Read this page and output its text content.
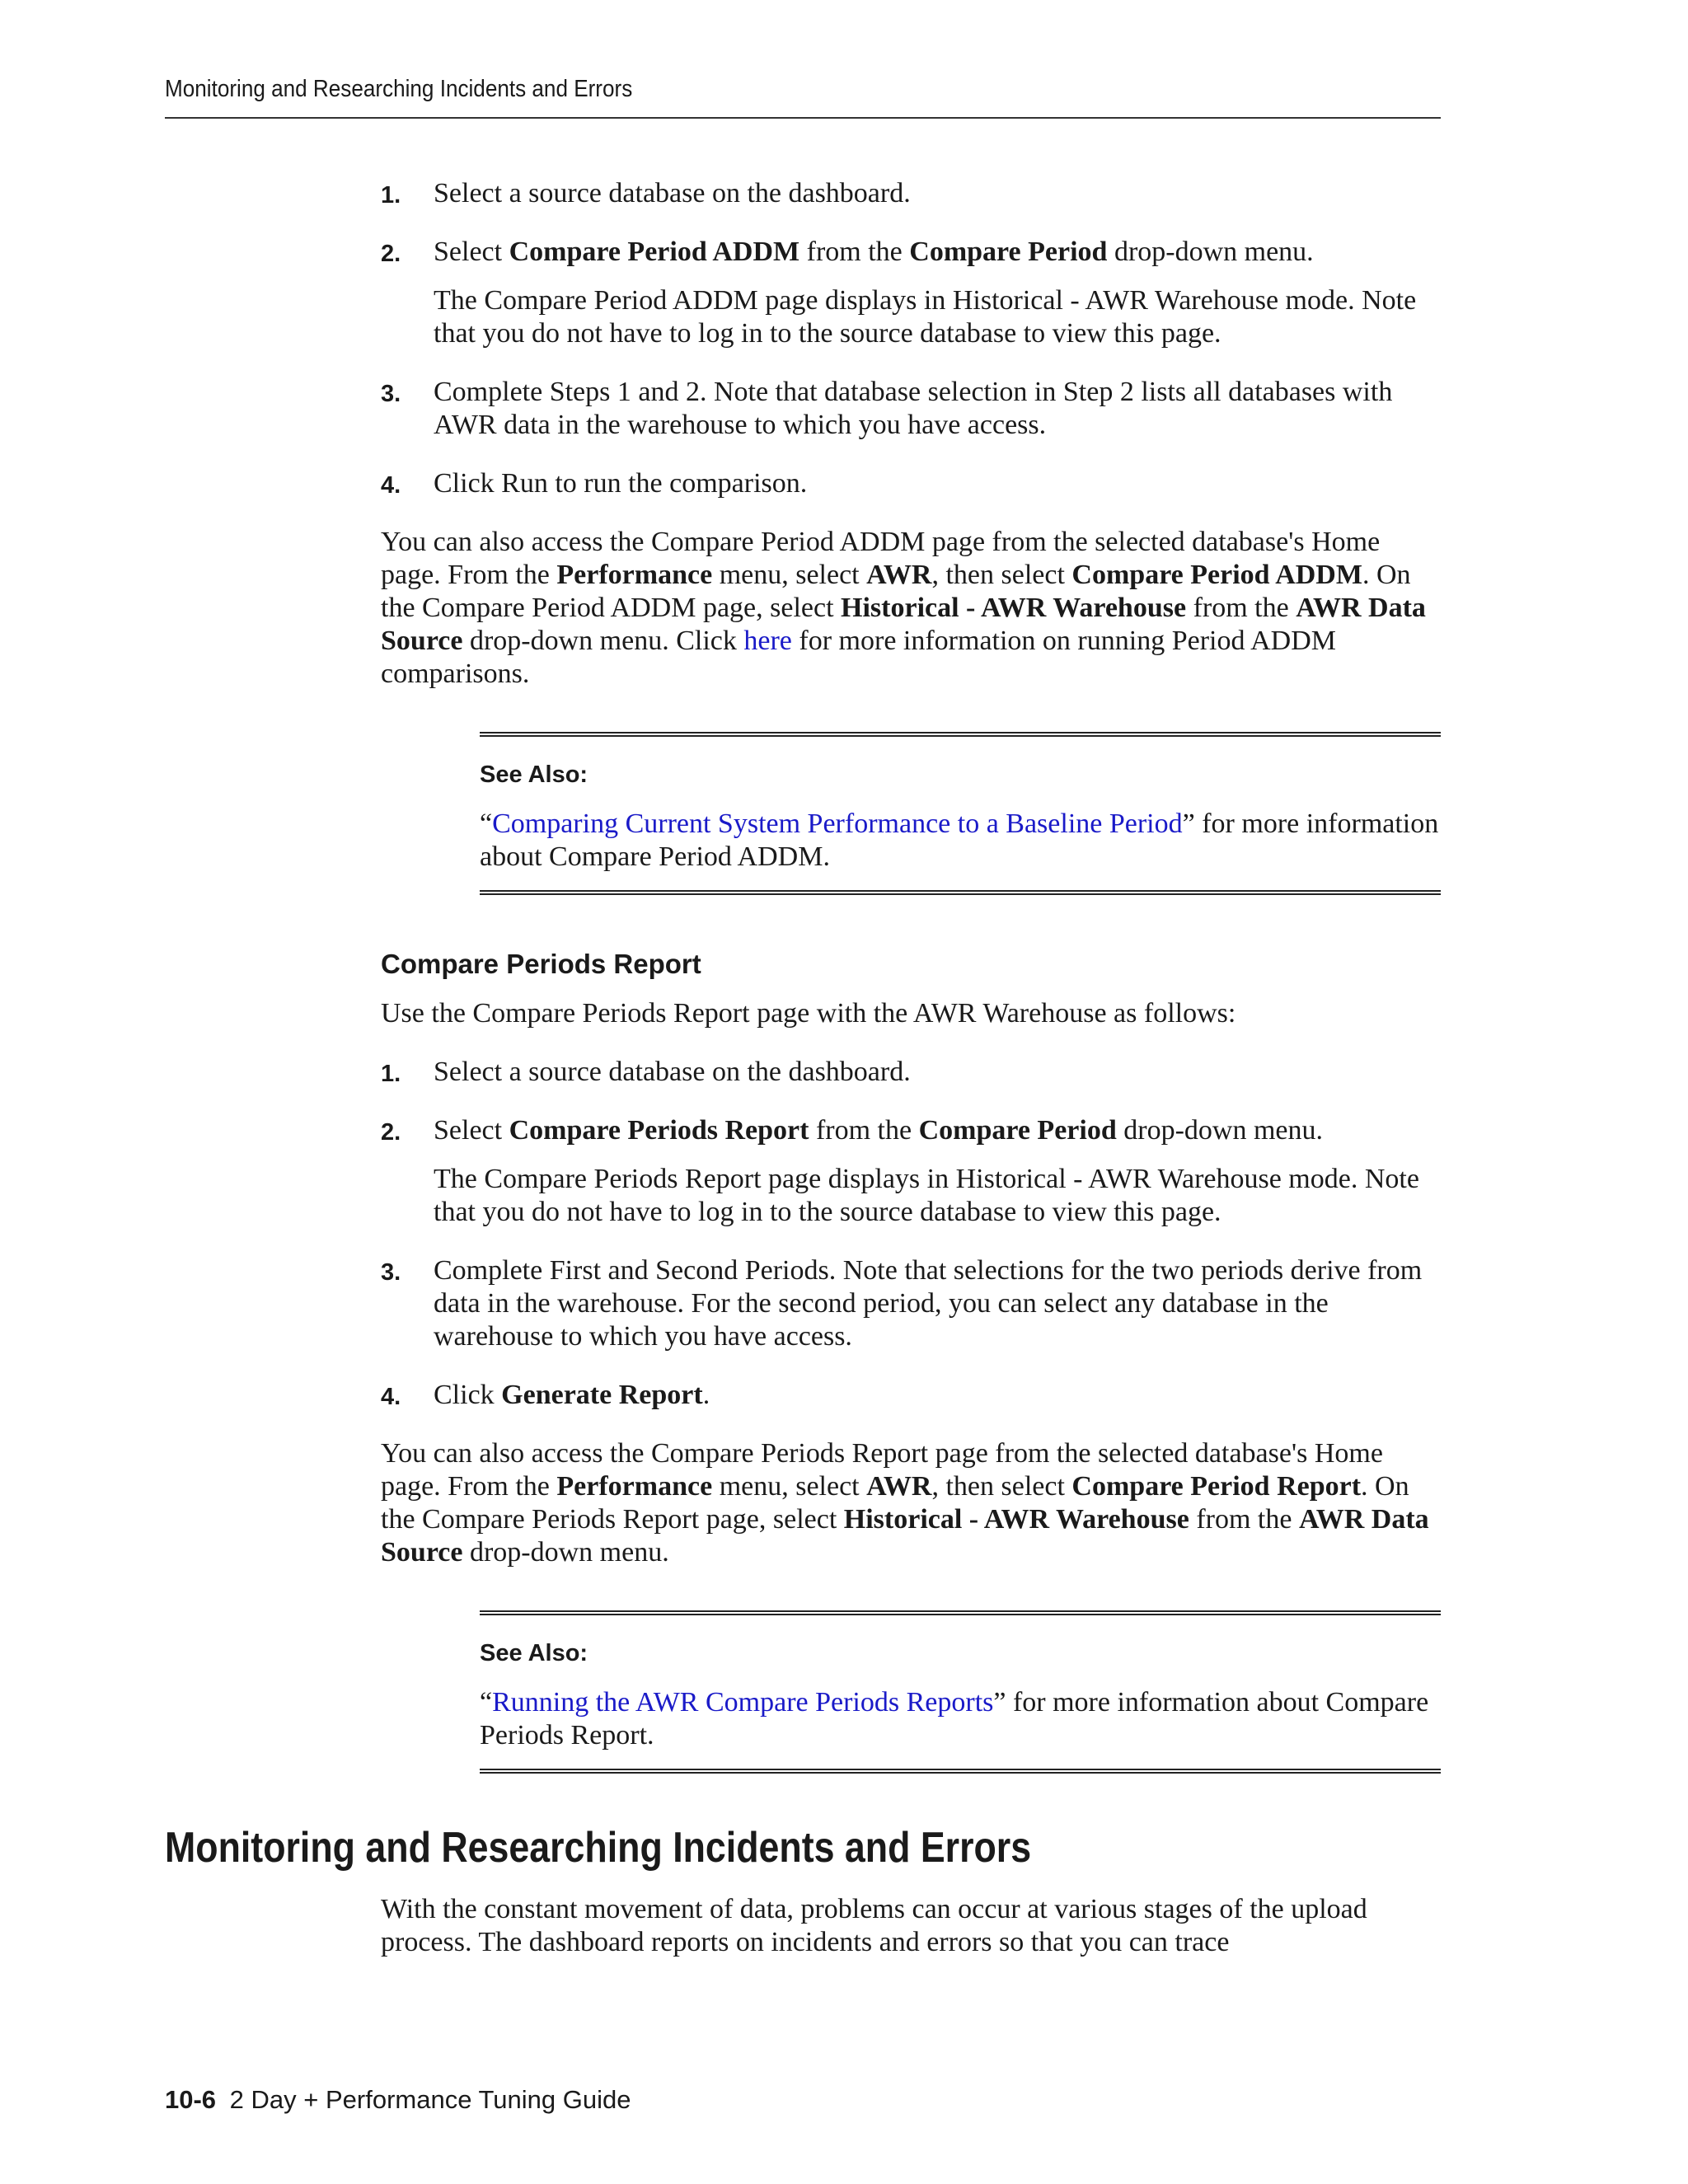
Monitoring and Researching Incidents and Errors
1. Select a source database on the dashboard.
2. Select Compare Period ADDM from the Compare Period drop-down menu.
The Compare Period ADDM page displays in Historical - AWR Warehouse mode. Note that you do not have to log in to the source database to view this page.
3. Complete Steps 1 and 2. Note that database selection in Step 2 lists all databases with AWR data in the warehouse to which you have access.
4. Click Run to run the comparison.

You can also access the Compare Period ADDM page from the selected database's Home page. From the Performance menu, select AWR, then select Compare Period ADDM. On the Compare Period ADDM page, select Historical - AWR Warehouse from the AWR Data Source drop-down menu. Click here for more information on running Period ADDM comparisons.

See Also:
“Comparing Current System Performance to a Baseline Period” for more information about Compare Period ADDM.
Compare Periods Report

Use the Compare Periods Report page with the AWR Warehouse as follows:

1. Select a source database on the dashboard.
2. Select Compare Periods Report from the Compare Period drop-down menu.
The Compare Periods Report page displays in Historical - AWR Warehouse mode. Note that you do not have to log in to the source database to view this page.
3. Complete First and Second Periods. Note that selections for the two periods derive from data in the warehouse. For the second period, you can select any database in the warehouse to which you have access.
4. Click Generate Report.

You can also access the Compare Periods Report page from the selected database's Home page. From the Performance menu, select AWR, then select Compare Period Report. On the Compare Periods Report page, select Historical - AWR Warehouse from the AWR Data Source drop-down menu.

See Also:
“Running the AWR Compare Periods Reports” for more information about Compare Periods Report.
Monitoring and Researching Incidents and Errors
With the constant movement of data, problems can occur at various stages of the upload process. The dashboard reports on incidents and errors so that you can trace
10-6 2 Day + Performance Tuning Guide
